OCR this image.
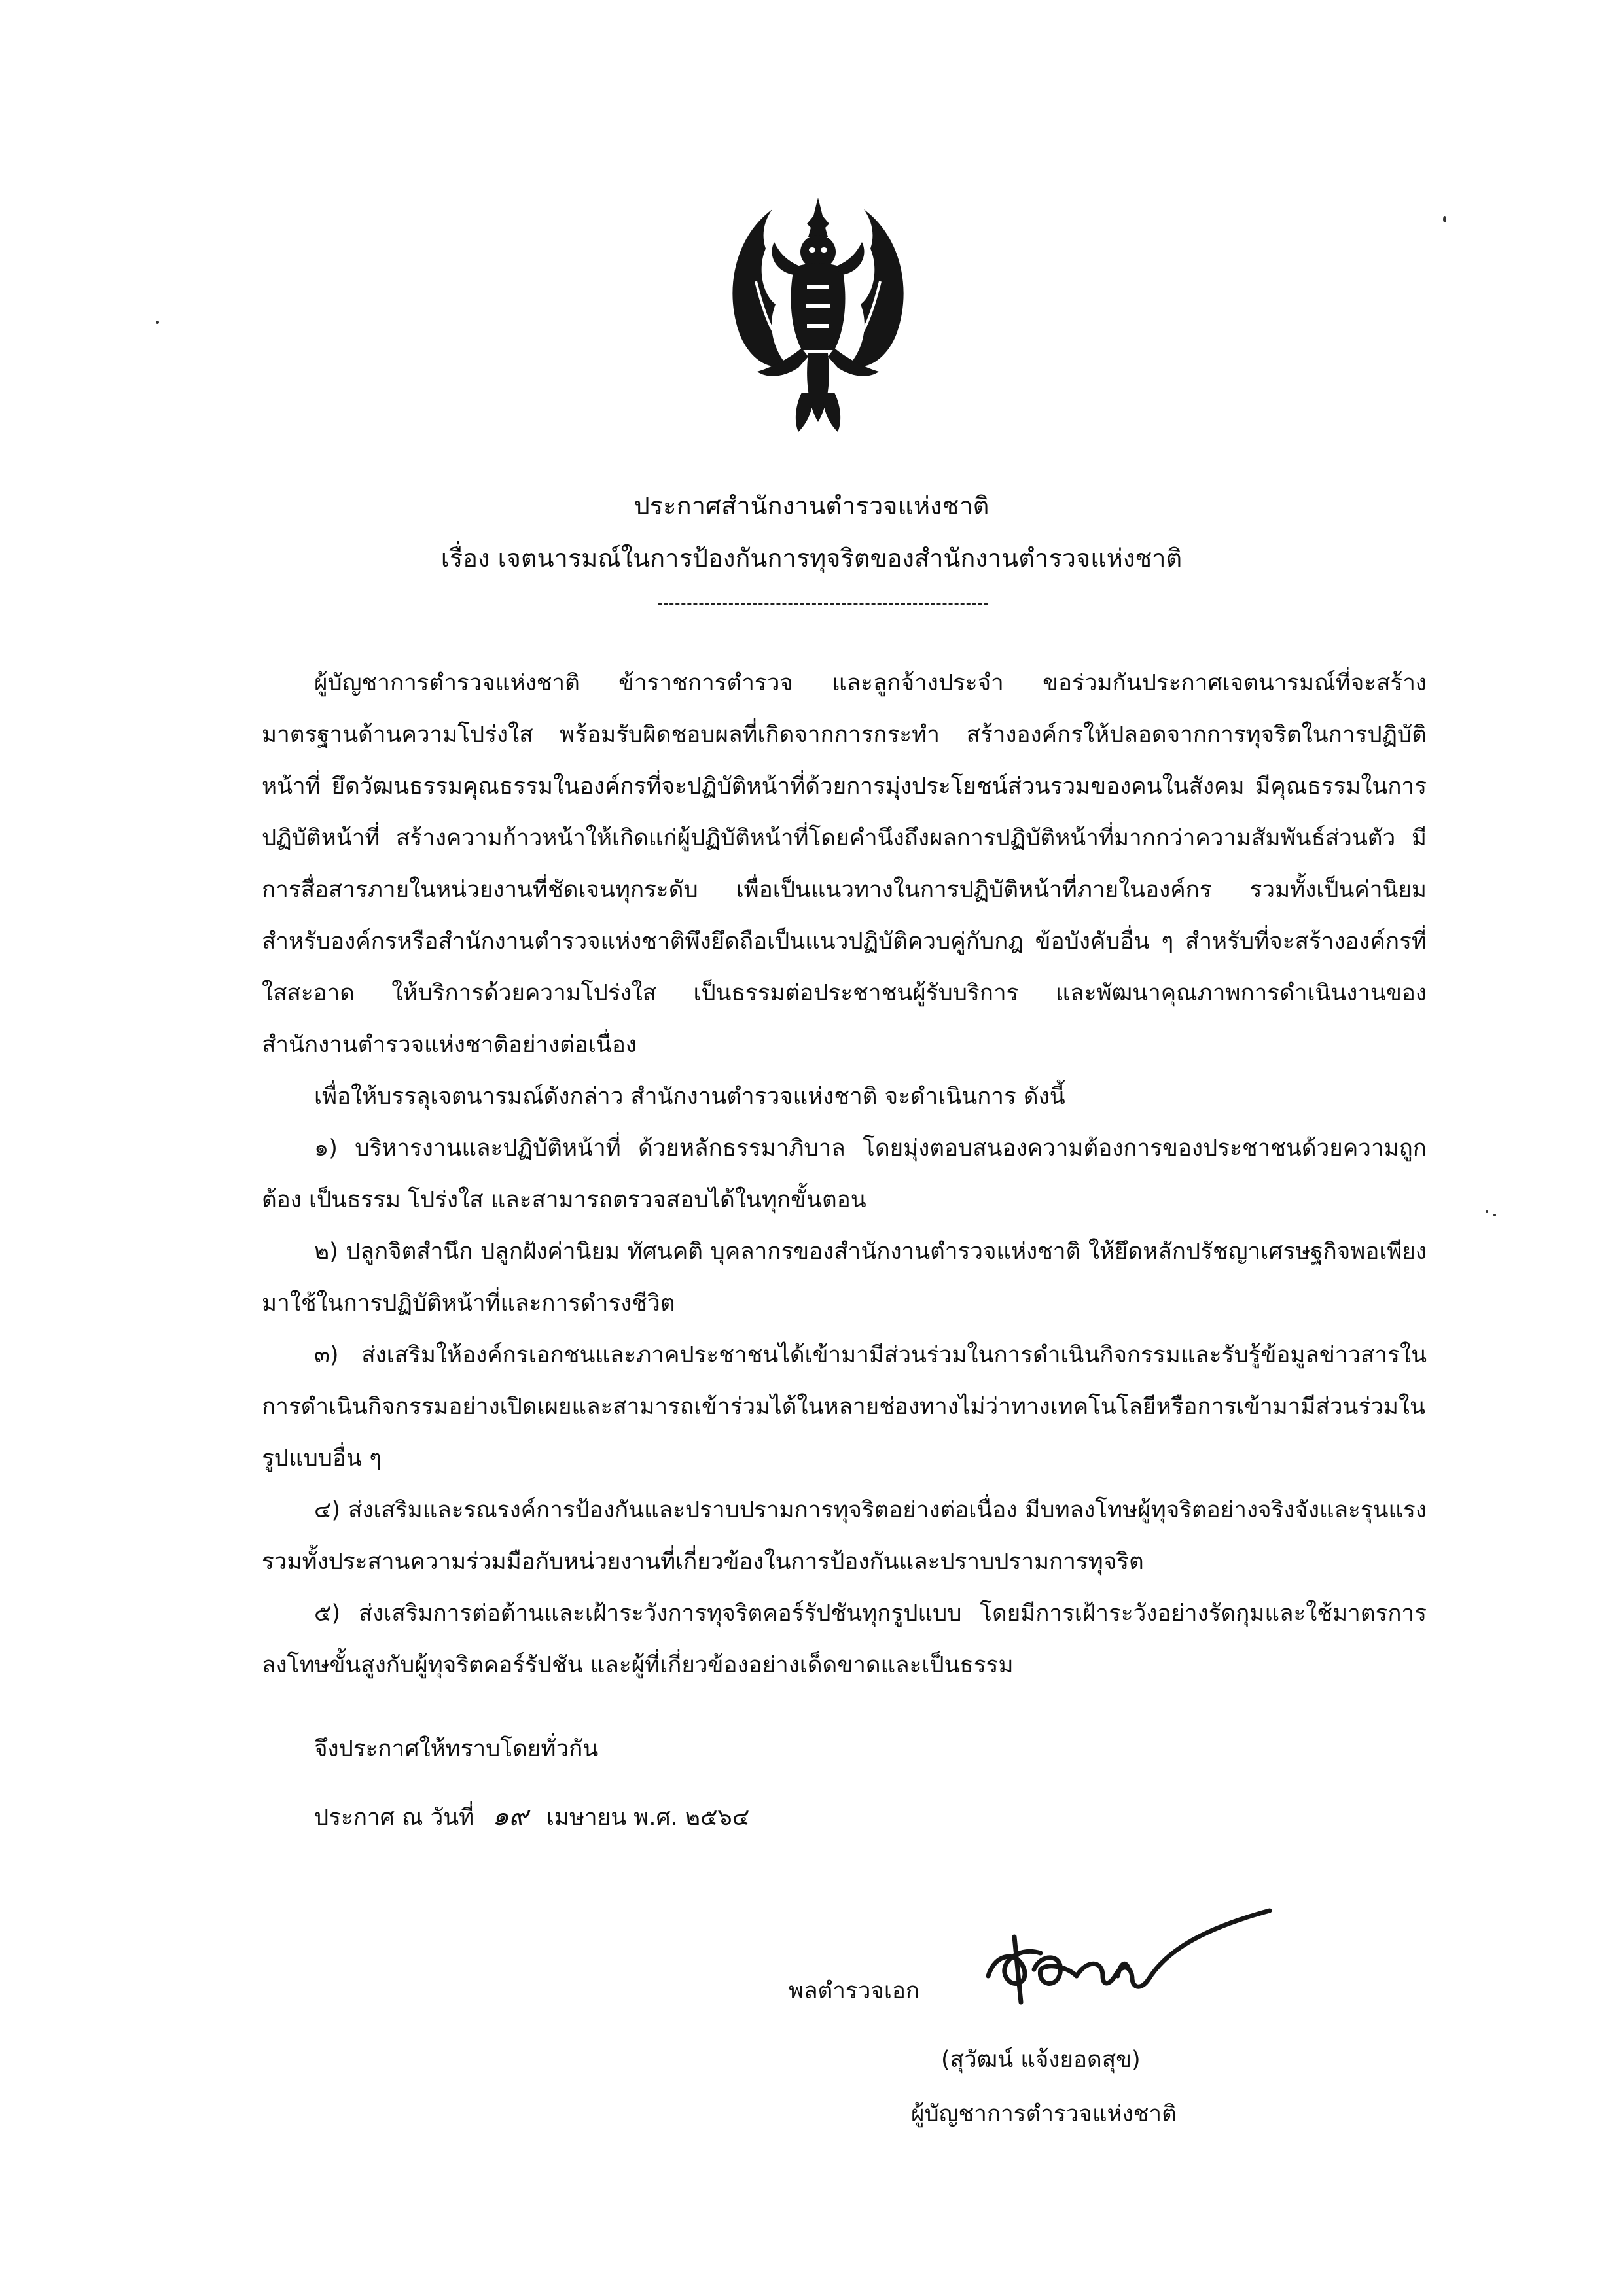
ประกาศสำนักงานตำรวจแห่งชาติ
เรื่อง เจตนารมณ์ในการป้องกันการทุจริตของสำนักงานตำรวจแห่งชาติ

ผู้บัญชาการตำรวจแห่งชาติ ข้าราชการตำรวจ และลูกจ้างประจำ ขอร่วมกันประกาศเจตนารมณ์ที่จะสร้างมาตรฐานด้านความโปร่งใส พร้อมรับผิดชอบผลที่เกิดจากการกระทำ สร้างองค์กรให้ปลอดจากการทุจริตในการปฏิบัติหน้าที่ ยึดวัฒนธรรมคุณธรรมในองค์กรที่จะปฏิบัติหน้าที่ด้วยการมุ่งประโยชน์ส่วนรวมของคนในสังคม มีคุณธรรมในการปฏิบัติหน้าที่ สร้างความก้าวหน้าให้เกิดแก่ผู้ปฏิบัติหน้าที่โดยคำนึงถึงผลการปฏิบัติหน้าที่มากกว่าความสัมพันธ์ส่วนตัว มีการสื่อสารภายในหน่วยงานที่ชัดเจนทุกระดับ เพื่อเป็นแนวทางในการปฏิบัติหน้าที่ภายในองค์กร รวมทั้งเป็นค่านิยมสำหรับองค์กรหรือสำนักงานตำรวจแห่งชาติพึงยึดถือเป็นแนวปฏิบัติควบคู่กับกฎ ข้อบังคับอื่น ๆ สำหรับที่จะสร้างองค์กรที่ใสสะอาด ให้บริการด้วยความโปร่งใส เป็นธรรมต่อประชาชนผู้รับบริการ และพัฒนาคุณภาพการดำเนินงานของสำนักงานตำรวจแห่งชาติอย่างต่อเนื่อง

เพื่อให้บรรลุเจตนารมณ์ดังกล่าว สำนักงานตำรวจแห่งชาติ จะดำเนินการ ดังนี้

๑) บริหารงานและปฏิบัติหน้าที่ ด้วยหลักธรรมาภิบาล โดยมุ่งตอบสนองความต้องการของประชาชนด้วยความถูกต้อง เป็นธรรม โปร่งใส และสามารถตรวจสอบได้ในทุกขั้นตอน

๒) ปลูกจิตสำนึก ปลูกฝังค่านิยม ทัศนคติ บุคลากรของสำนักงานตำรวจแห่งชาติ ให้ยึดหลักปรัชญาเศรษฐกิจพอเพียงมาใช้ในการปฏิบัติหน้าที่และการดำรงชีวิต

๓) ส่งเสริมให้องค์กรเอกชนและภาคประชาชนได้เข้ามามีส่วนร่วมในการดำเนินกิจกรรมและรับรู้ข้อมูลข่าวสารในการดำเนินกิจกรรมอย่างเปิดเผยและสามารถเข้าร่วมได้ในหลายช่องทางไม่ว่าทางเทคโนโลยีหรือการเข้ามามีส่วนร่วมในรูปแบบอื่น ๆ

๔) ส่งเสริมและรณรงค์การป้องกันและปราบปรามการทุจริตอย่างต่อเนื่อง มีบทลงโทษผู้ทุจริตอย่างจริงจังและรุนแรง รวมทั้งประสานความร่วมมือกับหน่วยงานที่เกี่ยวข้องในการป้องกันและปราบปรามการทุจริต

๕) ส่งเสริมการต่อต้านและเฝ้าระวังการทุจริตคอร์รัปชันทุกรูปแบบ โดยมีการเฝ้าระวังอย่างรัดกุมและใช้มาตรการลงโทษขั้นสูงกับผู้ทุจริตคอร์รัปชัน และผู้ที่เกี่ยวข้องอย่างเด็ดขาดและเป็นธรรม

จึงประกาศให้ทราบโดยทั่วกัน
ประกาศ ณ วันที่ ๑๙ เมษายน พ.ศ. ๒๕๖๔
พลตำรวจเอก
(สุวัฒน์ แจ้งยอดสุข)
ผู้บัญชาการตำรวจแห่งชาติ
